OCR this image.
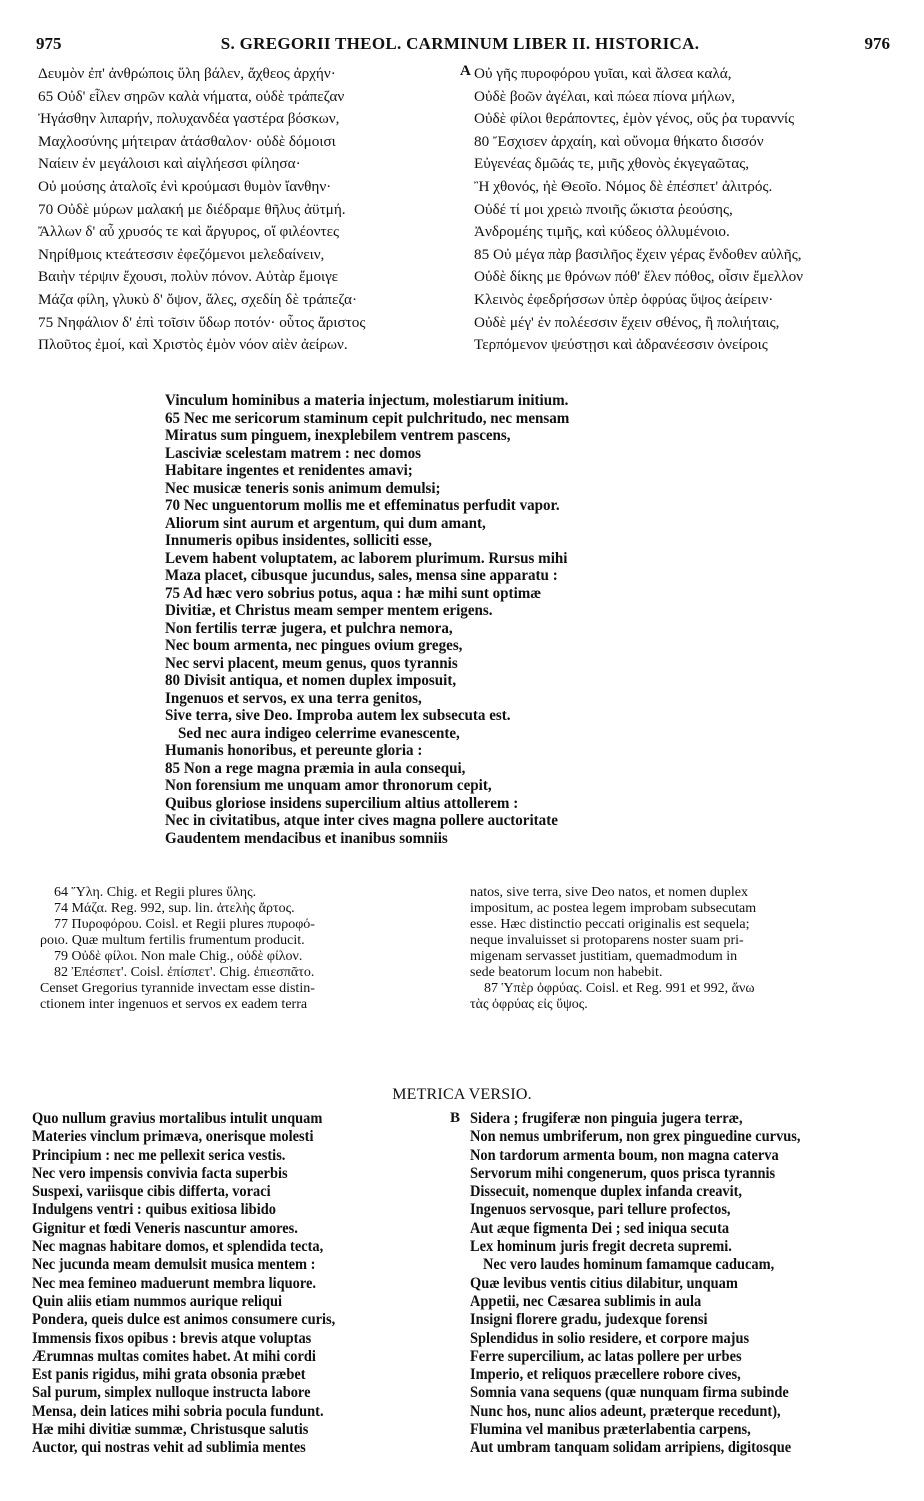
975	S. GREGORII THEOL. CARMINUM LIBER II. HISTORICA.	976
Δευμὸν ἐπ' ἀνθρώποις ὕλη βάλεν, ἄχθεος ἀρχήν·
65 Οὐδ' εἷλεν σηρῶν καλὰ νήματα, οὐδὲ τράπεζαν
Ἠγάσθην λιπαρήν, πολυχανδέα γαστέρα βόσκων,
Μαχλοσύνης μήτειραν ἀτάσθαλον· οὐδὲ δόμοισι
Ναίειν ἐν μεγάλοισι καὶ αἰγλήεσσι φίλησα·
Οὐ μούσης ἀταλοῖς ἐνὶ κρούμασι θυμὸν ἴανθην·
70 Οὐδὲ μύρων μαλακή με διέδραμε θῆλυς ἀϋτμή.
Ἄλλων δ' αὖ χρυσός τε καὶ ἄργυρος, οἵ φιλέοντες
Νηρίθμοις κτεάτεσσιν ἐφεζόμενοι μελεδαίνειν,
Βαιὴν τέρψιν ἔχουσι, πολὺν πόνον. Αὐτὰρ ἔμοιγε
Μάζα φίλη, γλυκὺ δ' ὄψον, ἅλες, σχεδίη δὲ τράπεζα·
75 Νηφάλιον δ' ἐπὶ τοῖσιν ὕδωρ ποτόν· οὗτος ἄριστος
Πλοῦτος ἐμοί, καὶ Χριστὸς ἐμὸν νόον αἰὲν ἀείρων.
A Οὐ γῆς πυροφόρου γυῖαι, καὶ ἄλσεα καλά,
Οὐδὲ βοῶν ἀγέλαι, καὶ πώεα πίονα μήλων,
Οὐδὲ φίλοι θεράποντες, ἐμὸν γένος, οὕς ῥα τυραννίς
80 Ἔσχισεν ἀρχαίη, καὶ οὔνομα θήκατο δισσόν
Εὐγενέας δμῶάς τε, μιῆς χθονὸς ἐκγεγαῶτας,
Ἢ χθονός, ἠὲ Θεοῖο. Νόμος δὲ ἐπέσπετ' ἀλιτρός.
Οὐδέ τί μοι χρειὼ πνοιῆς ὤκιστα ῥεούσης,
Ἀνδρομέης τιμῆς, καὶ κύδεος ὀλλυμένοιο.
85 Οὐ μέγα πὰρ βασιλῆος ἔχειν γέρας ἔνδοθεν αὐλῆς,
Οὐδὲ δίκης με θρόνων πόθ' ἕλεν πόθος, οἷσιν ἔμελλον
Κλεινὸς ἐφεδρήσσων ὑπὲρ ὀφρύας ὕψος ἀείρειν·
Οὐδὲ μέγ' ἐν πολέεσσιν ἔχειν σθένος, ἢ πολιήταις,
Τερπόμενον ψεύστῃσι καὶ ἀδρανέεσσιν ὀνείροις
Vinculum hominibus a materia injectum, molestiarum initium.
65 Nec me sericorum staminum cepit pulchritudo, nec mensam
Miratus sum pinguem, inexplebilem ventrem pascens,
Lasciviæ scelestam matrem : nec domos
Habitare ingentes et renidentes amavi;
Nec musicæ teneris sonis animum demulsi;
70 Nec unguentorum mollis me et effeminatus perfudit vapor.
Aliorum sint aurum et argentum, qui dum amant,
Innumeris opibus insidentes, solliciti esse,
Levem habent voluptatem, ac laborem plurimum. Rursus mihi
Maza placet, cibusque jucundus, sales, mensa sine apparatu :
75 Ad hæc vero sobrius potus, aqua : hæ mihi sunt optimæ
Divitiæ, et Christus meam semper mentem erigens.
Non fertilis terræ jugera, et pulchra nemora,
Nec boum armenta, nec pingues ovium greges,
Nec servi placent, meum genus, quos tyrannis
80 Divisit antiqua, et nomen duplex imposuit,
Ingenuos et servos, ex una terra genitos,
Sive terra, sive Deo. Improba autem lex subsecuta est.
Sed nec aura indigeo celerrime evanescente,
Humanis honoribus, et pereunte gloria :
85 Non a rege magna præmia in aula consequi,
Non forensium me unquam amor thronorum cepit,
Quibus gloriose insidens supercilium altius attollerem :
Nec in civitatibus, atque inter cives magna pollere auctoritate
Gaudentem mendacibus et inanibus somniis
64 Ὕλη. Chig. et Regii plures ὕλης.
74 Μάζα. Reg. 992, sup. lin. ἀτελὴς ἄρτος.
77 Πυροφόρου. Coisl. et Regii plures πυροφό-
ροιο. Quæ multum fertilis frumentum producit.
79 Οὐδὲ φίλοι. Non male Chig., οὐδὲ φίλον.
82 Ἐπέσπετ'. Coisl. ἐπίσπετ'. Chig. ἐπιεσπᾶτο.
Censet Gregorius tyrannide invectam esse distin-
ctionem inter ingenuos et servos ex eadem terra
natos, sive terra, sive Deo natos, et nomen duplex
impositum, ac postea legem improbam subsecutam
esse. Hæc distinctio peccati originalis est sequela;
neque invaluisset si protoparens noster suam pri-
migenam servasset justitiam, quemadmodum in
sede beatorum locum non habebit.
87 Ὑπὲρ ὀφρύας. Coisl. et Reg. 991 et 992, ἄνω
τὰς ὀφρύας εἰς ὕψος.
METRICA VERSIO.
Quo nullum gravius mortalibus intulit unquam
Materies vinclum primæva, onerisque molesti
Principium : nec me pellexit serica vestis.
Nec vero impensis convivia facta superbis
Suspexi, variisque cibis differta, voraci
Indulgens ventri : quibus exitiosa libido
Gignitur et fœdi Veneris nascuntur amores.
Nec magnas habitare domos, et splendida tecta,
Nec jucunda meam demulsit musica mentem :
Nec mea femineo maduerunt membra liquore.
Quin aliis etiam nummos aurique reliqui
Pondera, queis dulce est animos consumere curis,
Immensis fixos opibus : brevis atque voluptas
Ærumnas multas comites habet. At mihi cordi
Est panis rigidus, mihi grata obsonia præbet
Sal purum, simplex nulloque instructa labore
Mensa, dein latices mihi sobria pocula fundunt.
Hæ mihi divitiæ summæ, Christusque salutis
Auctor, qui nostras vehit ad sublimia mentes
B Sidera ; frugiferæ non pinguia jugera terræ,
Non nemus umbriferum, non grex pinguedine curvus,
Non tardorum armenta boum, non magna caterva
Servorum mihi congenerum, quos prisca tyrannis
Dissecuit, nomenque duplex infanda creavit,
Ingenuos servosque, pari tellure profectos,
Aut æque figmenta Dei ; sed iniqua secuta
Lex hominum juris fregit decreta supremi.
Nec vero laudes hominum famamque caducam,
Quæ levibus ventis citius dilabitur, unquam
Appetii, nec Cæsarea sublimis in aula
Insigni florere gradu, judexque forensi
Splendidus in solio residere, et corpore majus
Ferre supercilium, ac latas pollere per urbes
Imperio, et reliquos præcellere robore cives,
Somnia vana sequens (quæ nunquam firma subinde
Nunc hos, nunc alios adeunt, præterque recedunt),
Flumina vel manibus præterlabentia carpens,
Aut umbram tanquam solidam arripiens, digitosque
